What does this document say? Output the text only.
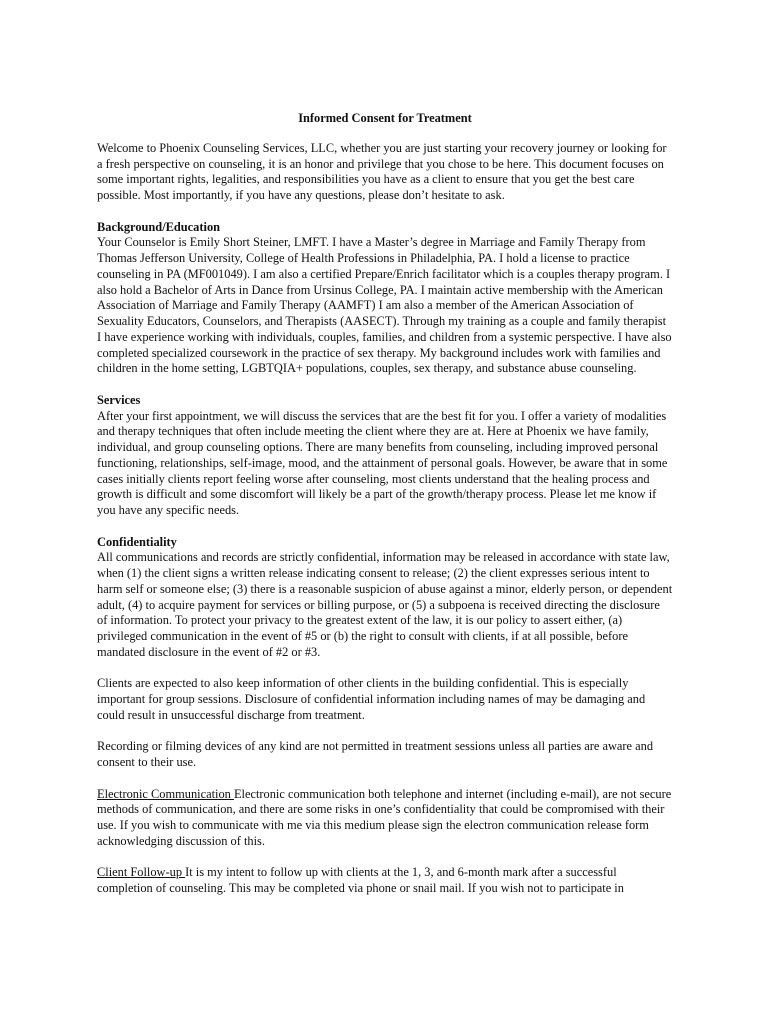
Informed Consent for Treatment

Welcome to Phoenix Counseling Services, LLC, whether you are just starting your recovery journey or looking for a fresh perspective on counseling, it is an honor and privilege that you chose to be here. This document focuses on some important rights, legalities, and responsibilities you have as a client to ensure that you get the best care possible. Most importantly, if you have any questions, please don’t hesitate to ask.

Background/Education
Your Counselor is Emily Short Steiner, LMFT. I have a Master’s degree in Marriage and Family Therapy from Thomas Jefferson University, College of Health Professions in Philadelphia, PA. I hold a license to practice counseling in PA (MF001049). I am also a certified Prepare/Enrich facilitator which is a couples therapy program. I also hold a Bachelor of Arts in Dance from Ursinus College, PA. I maintain active membership with the American Association of Marriage and Family Therapy (AAMFT) I am also a member of the American Association of Sexuality Educators, Counselors, and Therapists (AASECT). Through my training as a couple and family therapist I have experience working with individuals, couples, families, and children from a systemic perspective. I have also completed specialized coursework in the practice of sex therapy. My background includes work with families and children in the home setting, LGBTQIA+ populations, couples, sex therapy, and substance abuse counseling.

Services
After your first appointment, we will discuss the services that are the best fit for you. I offer a variety of modalities and therapy techniques that often include meeting the client where they are at. Here at Phoenix we have family, individual, and group counseling options. There are many benefits from counseling, including improved personal functioning, relationships, self-image, mood, and the attainment of personal goals. However, be aware that in some cases initially clients report feeling worse after counseling, most clients understand that the healing process and growth is difficult and some discomfort will likely be a part of the growth/therapy process. Please let me know if you have any specific needs.

Confidentiality
All communications and records are strictly confidential, information may be released in accordance with state law, when (1) the client signs a written release indicating consent to release; (2) the client expresses serious intent to harm self or someone else; (3) there is a reasonable suspicion of abuse against a minor, elderly person, or dependent adult, (4) to acquire payment for services or billing purpose, or (5) a subpoena is received directing the disclosure of information. To protect your privacy to the greatest extent of the law, it is our policy to assert either, (a) privileged communication in the event of #5 or (b) the right to consult with clients, if at all possible, before mandated disclosure in the event of #2 or #3.

Clients are expected to also keep information of other clients in the building confidential. This is especially important for group sessions. Disclosure of confidential information including names of may be damaging and could result in unsuccessful discharge from treatment.

Recording or filming devices of any kind are not permitted in treatment sessions unless all parties are aware and consent to their use.

Electronic Communication Electronic communication both telephone and internet (including e-mail), are not secure methods of communication, and there are some risks in one’s confidentiality that could be compromised with their use. If you wish to communicate with me via this medium please sign the electron communication release form acknowledging discussion of this.

Client Follow-up It is my intent to follow up with clients at the 1, 3, and 6-month mark after a successful completion of counseling. This may be completed via phone or snail mail. If you wish not to participate in
